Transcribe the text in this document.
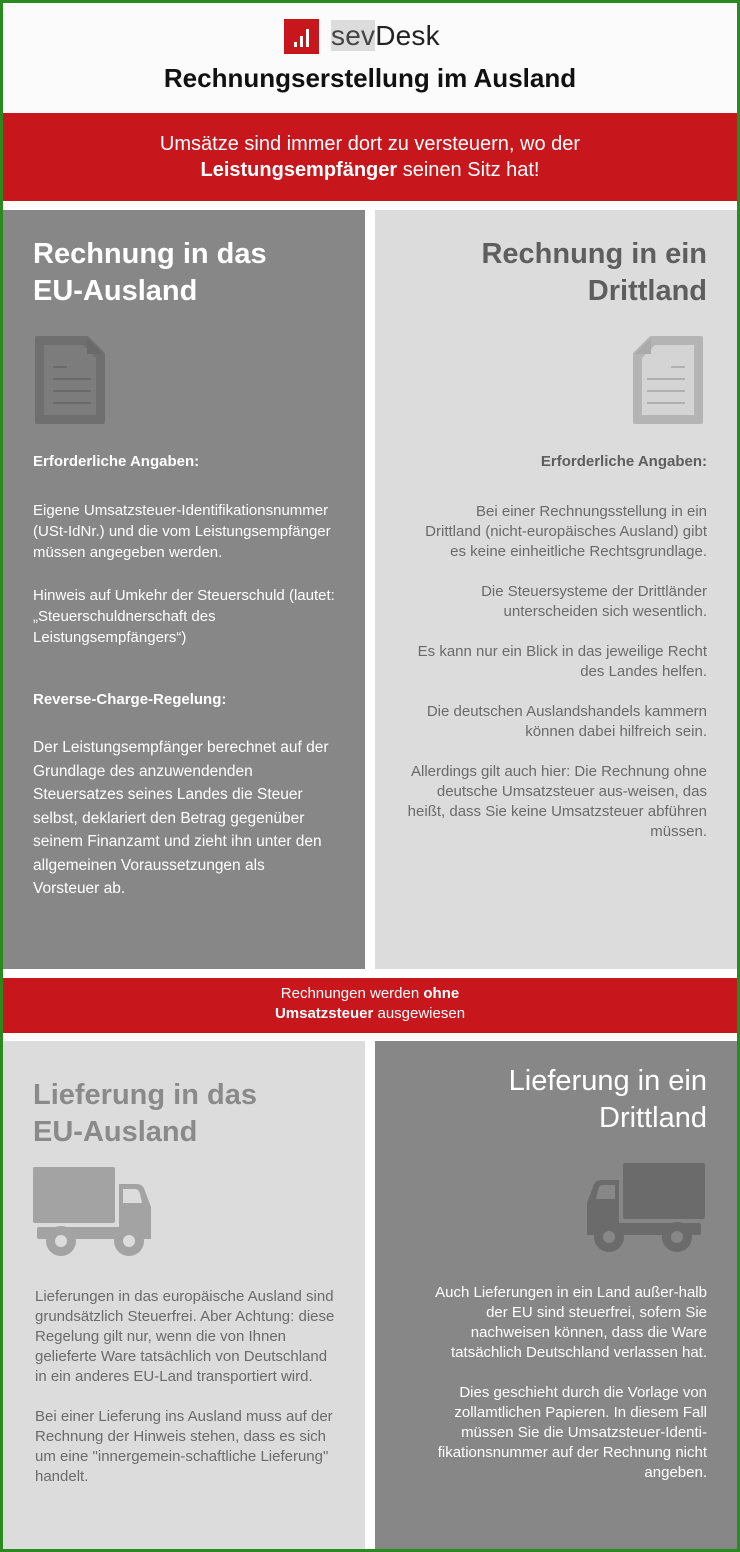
sevDesk
Rechnungserstellung im Ausland
Umsätze sind immer dort zu versteuern, wo der
Leistungsempfänger seinen Sitz hat!
Rechnung in das
EU-Ausland
Erforderliche Angaben:
Eigene Umsatzsteuer-Identifikationsnummer (USt-IdNr.) und die vom Leistungsempfänger müssen angegeben werden.
Hinweis auf Umkehr der Steuerschuld (lautet: „Steuerschuldnerschaft des Leistungsempfängers“)
Reverse-Charge-Regelung:
Der Leistungsempfänger berechnet auf der Grundlage des anzuwendenden Steuersatzes seines Landes die Steuer selbst, deklariert den Betrag gegenüber seinem Finanzamt und zieht ihn unter den allgemeinen Voraussetzungen als Vorsteuer ab.
Rechnung in ein
Drittland
Erforderliche Angaben:
Bei einer Rechnungsstellung in ein Drittland (nicht-europäisches Ausland) gibt es keine einheitliche Rechtsgrundlage.
Die Steuersysteme der Drittländer unterscheiden sich wesentlich.
Es kann nur ein Blick in das jeweilige Recht des Landes helfen.
Die deutschen Auslandshandels kammern können dabei hilfreich sein.
Allerdings gilt auch hier: Die Rechnung ohne deutsche Umsatzsteuer aus-weisen, das heißt, dass Sie keine Umsatzsteuer abführen müssen.
Rechnungen werden ohne
Umsatzsteuer ausgewiesen
Lieferung in das
EU-Ausland
Lieferungen in das europäische Ausland sind grundsätzlich Steuerfrei. Aber Achtung: diese Regelung gilt nur, wenn die von Ihnen gelieferte Ware tatsächlich von Deutschland in ein anderes EU-Land transportiert wird.
Bei einer Lieferung ins Ausland muss auf der Rechnung der Hinweis stehen, dass es sich um eine "innergemein-schaftliche Lieferung" handelt.
Lieferung in ein
Drittland
Auch Lieferungen in ein Land außer-halb der EU sind steuerfrei, sofern Sie nachweisen können, dass die Ware tatsächlich Deutschland verlassen hat.
Dies geschieht durch die Vorlage von zollamtlichen Papieren. In diesem Fall müssen Sie die Umsatzsteuer-Identi-fikationsnummer auf der Rechnung nicht angeben.
